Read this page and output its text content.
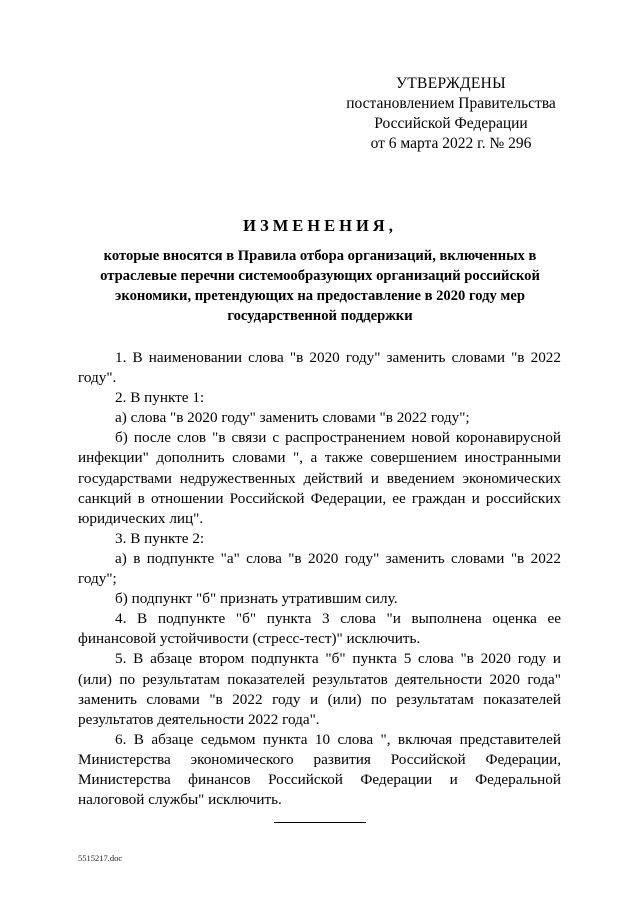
УТВЕРЖДЕНЫ
постановлением Правительства
Российской Федерации
от 6 марта 2022 г. № 296
ИЗМЕНЕНИЯ,
которые вносятся в Правила отбора организаций, включенных в отраслевые перечни системообразующих организаций российской экономики, претендующих на предоставление в 2020 году мер государственной поддержки

1. В наименовании слова "в 2020 году" заменить словами "в 2022 году".

2. В пункте 1:

а) слова "в 2020 году" заменить словами "в 2022 году";

б) после слов "в связи с распространением новой коронавирусной инфекции" дополнить словами ", а также совершением иностранными государствами недружественных действий и введением экономических санкций в отношении Российской Федерации, ее граждан и российских юридических лиц".

3. В пункте 2:

а) в подпункте "а" слова "в 2020 году" заменить словами "в 2022 году";

б) подпункт "б" признать утратившим силу.

4. В подпункте "б" пункта 3 слова "и выполнена оценка ее финансовой устойчивости (стресс-тест)" исключить.

5. В абзаце втором подпункта "б" пункта 5 слова "в 2020 году и (или) по результатам показателей результатов деятельности 2020 года" заменить словами "в 2022 году и (или) по результатам показателей результатов деятельности 2022 года".

6. В абзаце седьмом пункта 10 слова ", включая представителей Министерства экономического развития Российской Федерации, Министерства финансов Российской Федерации и Федеральной налоговой службы" исключить.

5515217.doc
